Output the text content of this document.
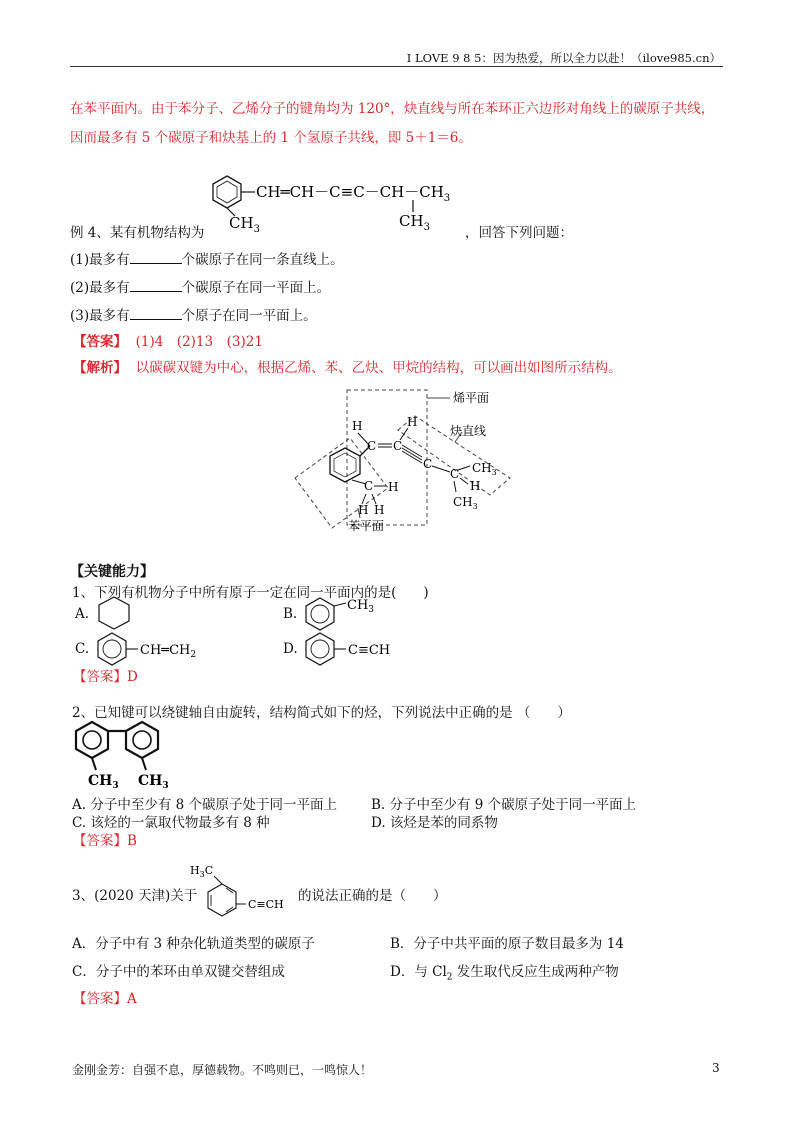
I LOVE 9 8 5：因为热爱，所以全力以赴！（ilove985.cn）
在苯平面内。由于苯分子、乙烯分子的键角均为 120°，炔直线与所在苯环正六边形对角线上的碳原子共线，
因而最多有 5 个碳原子和炔基上的 1 个氢原子共线，即 5＋1＝6。
$CH═CH-C\equiv C-CH-CH_3$
$CH_3$	$CH_3$
例 4、某有机物结构为	，回答下列问题：
(1)最多有	个碳原子在同一条直线上。
(2)最多有	个碳原子在同一平面上。
(3)最多有	个原子在同一平面上。
【答案】 (1)4　(2)13　(3)21
【解析】 以碳碳双键为中心，根据乙烯、苯、乙炔、甲烷的结构，可以画出如图所示结构。
烯平面
苯平面
炔直线
H
C C
H
C
C $CH_3$
H
$CH_3$
C H
H H
【关键能力】
1、下列有机物分子中所有原子一定在同一平面内的是(　　)
A.	B.
$CH_3$
C.	$CH═CH_2$	D.	C≡CH
【答案】D
2、已知键可以绕键轴自由旋转，结构简式如下的烃，下列说法中正确的是 （　　）
$CH_3$ $CH_3$
A. 分子中至少有 8 个碳原子处于同一平面上	B. 分子中至少有 9 个碳原子处于同一平面上
C. 该烃的一氯取代物最多有 8 种	D. 该烃是苯的同系物
【答案】B
3、(2020 天津)关于
$H_3C$
C≡CH
的说法正确的是（　　）
A．分子中有 3 种杂化轨道类型的碳原子	B．分子中共平面的原子数目最多为 14
C．分子中的苯环由单双键交替组成	D．与 $Cl_2$ 发生取代反应生成两种产物
【答案】A
金刚金芳：自强不息，厚德载物。不鸣则已，一鸣惊人！	3
